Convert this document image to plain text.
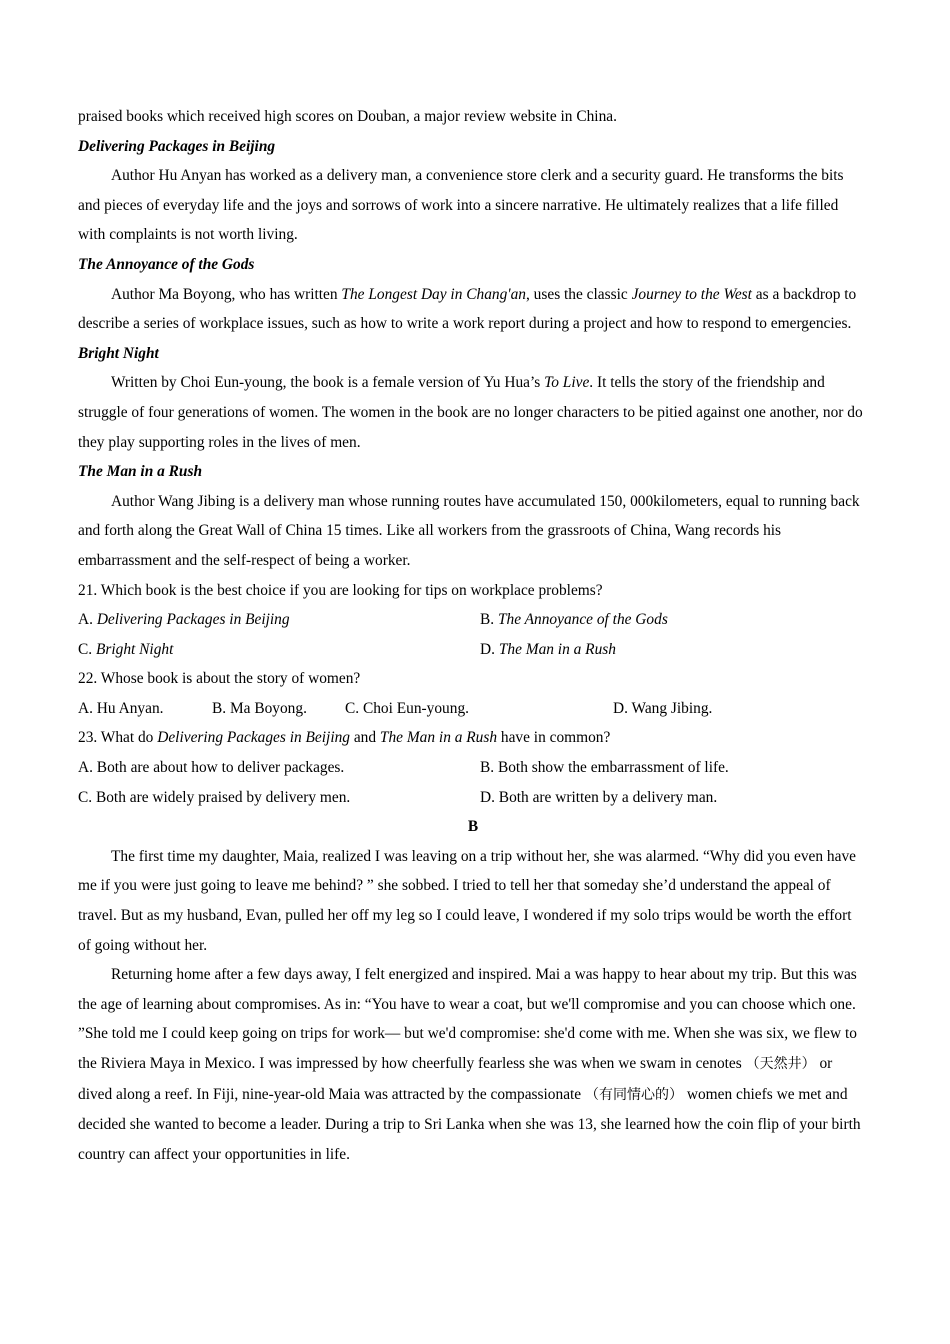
praised books which received high scores on Douban, a major review website in China.

Delivering Packages in Beijing

Author Hu Anyan has worked as a delivery man, a convenience store clerk and a security guard. He transforms the bits and pieces of everyday life and the joys and sorrows of work into a sincere narrative. He ultimately realizes that a life filled with complaints is not worth living.

The Annoyance of the Gods

Author Ma Boyong, who has written The Longest Day in Chang'an, uses the classic Journey to the West as a backdrop to describe a series of workplace issues, such as how to write a work report during a project and how to respond to emergencies.

Bright Night

Written by Choi Eun-young, the book is a female version of Yu Hua’s To Live. It tells the story of the friendship and struggle of four generations of women. The women in the book are no longer characters to be pitied against one another, nor do they play supporting roles in the lives of men.

The Man in a Rush

Author Wang Jibing is a delivery man whose running routes have accumulated 150, 000kilometers, equal to running back and forth along the Great Wall of China 15 times. Like all workers from the grassroots of China, Wang records his embarrassment and the self-respect of being a worker.

21. Which book is the best choice if you are looking for tips on workplace problems?

A. Delivering Packages in Beijing	B. The Annoyance of the Gods

C. Bright Night	D. The Man in a Rush

22. Whose book is about the story of women?

A. Hu Anyan.	B. Ma Boyong.	C. Choi Eun-young.	D. Wang Jibing.

23. What do Delivering Packages in Beijing and The Man in a Rush have in common?

A. Both are about how to deliver packages.	B. Both show the embarrassment of life.

C. Both are widely praised by delivery men.	D. Both are written by a delivery man.

B

The first time my daughter, Maia, realized I was leaving on a trip without her, she was alarmed. “Why did you even have me if you were just going to leave me behind? ” she sobbed. I tried to tell her that someday she’d understand the appeal of travel. But as my husband, Evan, pulled her off my leg so I could leave, I wondered if my solo trips would be worth the effort of going without her.

Returning home after a few days away, I felt energized and inspired. Mai a was happy to hear about my trip. But this was the age of learning about compromises. As in: “You have to wear a coat, but we'll compromise and you can choose which one. ”She told me I could keep going on trips for work— but we'd compromise: she'd come with me. When she was six, we flew to the Riviera Maya in Mexico. I was impressed by how cheerfully fearless she was when we swam in cenotes （天然井） or dived along a reef. In Fiji, nine-year-old Maia was attracted by the compassionate （有同情心的） women chiefs we met and decided she wanted to become a leader. During a trip to Sri Lanka when she was 13, she learned how the coin flip of your birth country can affect your opportunities in life.
